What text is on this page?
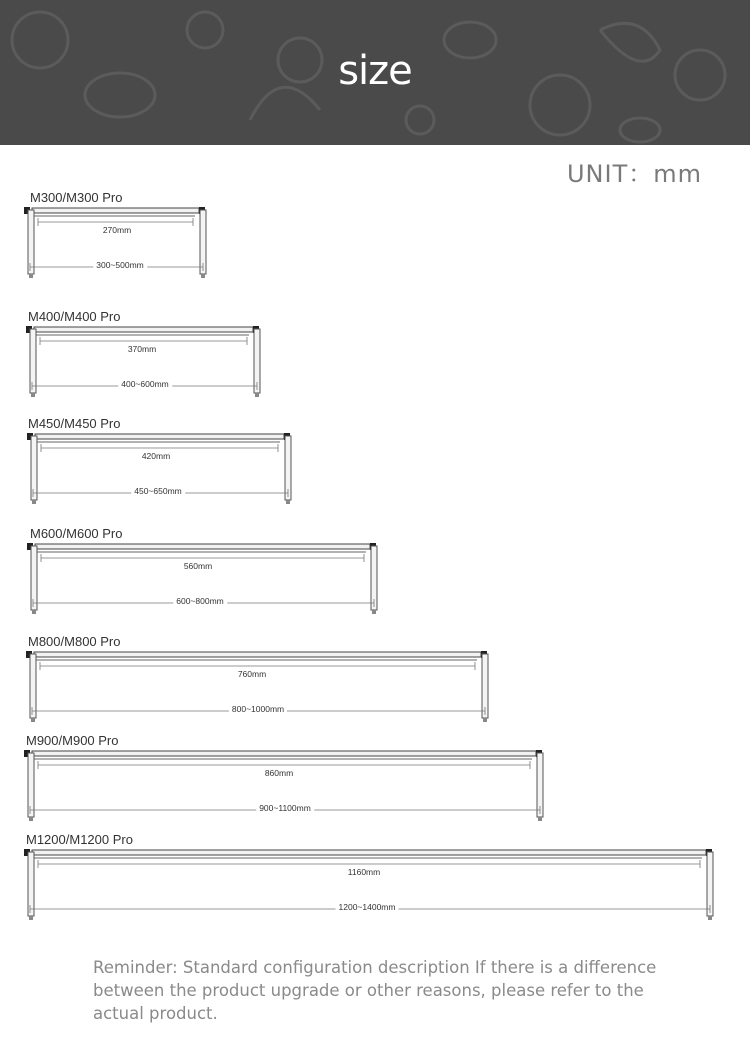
size
UNIT：mm
M300/M300 Pro
270mm
300~500mm
M400/M400 Pro
370mm
400~600mm
M450/M450 Pro
420mm
450~650mm
M600/M600 Pro
560mm
600~800mm
M800/M800 Pro
760mm
800~1000mm
M900/M900 Pro
860mm
900~1100mm
M1200/M1200 Pro
1160mm
1200~1400mm
Reminder: Standard configuration description If there is a difference between the product upgrade or other reasons, please refer to the actual product.
